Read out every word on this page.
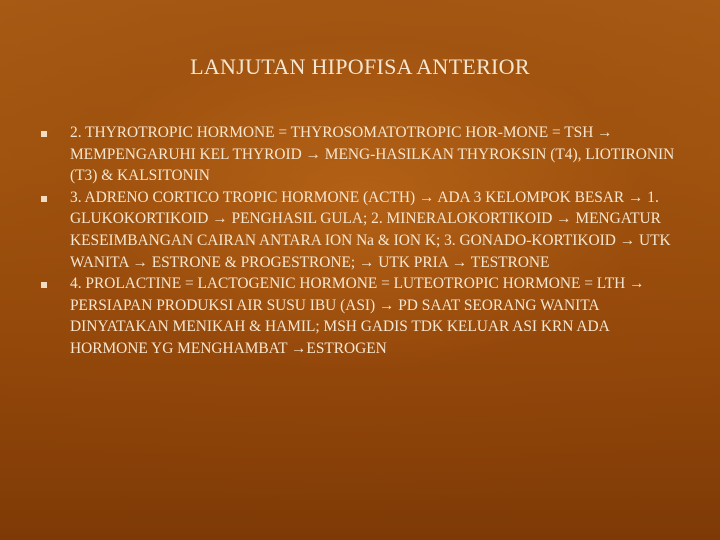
LANJUTAN HIPOFISA ANTERIOR
2. THYROTROPIC HORMONE = THYROSOMATOTROPIC HOR-MONE = TSH → MEMPENGARUHI KEL THYROID → MENG-HASILKAN THYROKSIN (T4), LIOTIRONIN (T3) & KALSITONIN
3. ADRENO CORTICO TROPIC HORMONE (ACTH) → ADA 3 KELOMPOK BESAR → 1. GLUKOKORTIKOID → PENGHASIL GULA; 2. MINERALOKORTIKOID → MENGATUR KESEIMBANGAN CAIRAN ANTARA ION Na & ION K; 3. GONADO-KORTIKOID → UTK WANITA → ESTRONE & PROGESTRONE; → UTK PRIA → TESTRONE
4. PROLACTINE = LACTOGENIC HORMONE = LUTEOTROPIC HORMONE = LTH → PERSIAPAN PRODUKSI AIR SUSU IBU (ASI) → PD SAAT SEORANG WANITA DINYATAKAN MENIKAH & HAMIL; MSH GADIS TDK KELUAR ASI KRN ADA HORMONE YG MENGHAMBAT →ESTROGEN
